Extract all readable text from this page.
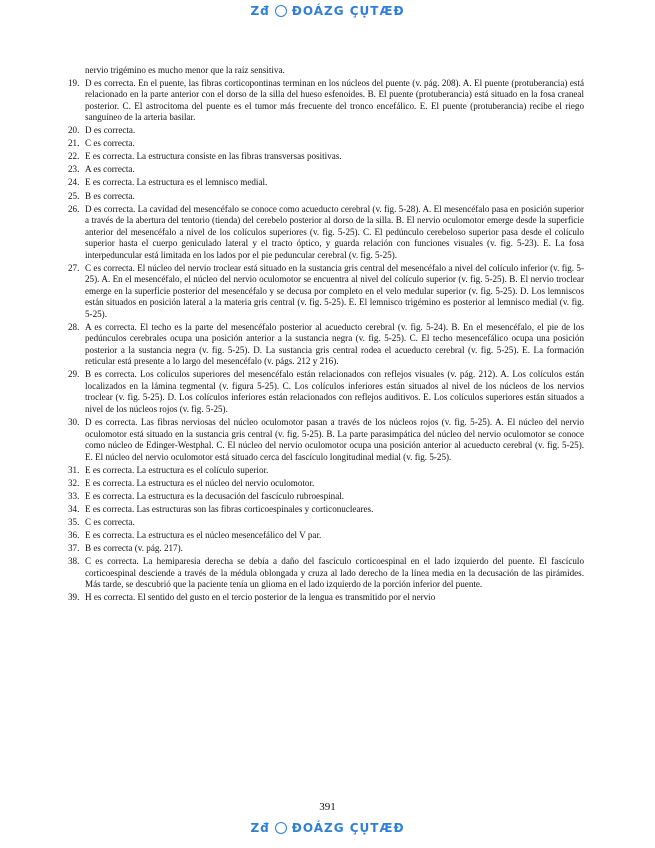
Zđ ÐOÁZG ÇỤTÆĐ
nervio trigémino es mucho menor que la raíz sensitiva.
19. D es correcta. En el puente, las fibras corticopontinas terminan en los núcleos del puente (v. pág. 208). A. El puente (protuberancia) está relacionado en la parte anterior con el dorso de la silla del hueso esfenoides. B. El puente (protuberancia) está situado en la fosa craneal posterior. C. El astrocitoma del puente es el tumor más frecuente del tronco encefálico. E. El puente (protuberancia) recibe el riego sanguíneo de la arteria basilar.
20. D es correcta.
21. C es correcta.
22. E es correcta. La estructura consiste en las fibras transversas positivas.
23. A es correcta.
24. E es correcta. La estructura es el lemnisco medial.
25. B es correcta.
26. D es correcta. La cavidad del mesencéfalo se conoce como acueducto cerebral (v. fig. 5-28). A. El mesencéfalo pasa en posición superior a través de la abertura del tentorio (tienda) del cerebelo posterior al dorso de la silla. B. El nervio oculomotor emerge desde la superficie anterior del mesencéfalo a nivel de los colículos superiores (v. fig. 5-25). C. El pedúnculo cerebeloso superior pasa desde el colículo superior hasta el cuerpo geniculado lateral y el tracto óptico, y guarda relación con funciones visuales (v. fig. 5-23). E. La fosa interpeduncular está limitada en los lados por el pie peduncular cerebral (v. fig. 5-25).
27. C es correcta. El núcleo del nervio troclear está situado en la sustancia gris central del mesencéfalo a nivel del colículo inferior (v. fig. 5-25). A. En el mesencéfalo, el núcleo del nervio oculomotor se encuentra al nivel del colículo superior (v. fig. 5-25). B. El nervio troclear emerge en la superficie posterior del mesencéfalo y se decusa por completo en el velo medular superior (v. fig. 5-25). D. Los lemniscos están situados en posición lateral a la materia gris central (v. fig. 5-25). E. El lemnisco trigémino es posterior al lemnisco medial (v. fig. 5-25).
28. A es correcta. El techo es la parte del mesencéfalo posterior al acueducto cerebral (v. fig. 5-24). B. En el mesencéfalo, el pie de los pedúnculos cerebrales ocupa una posición anterior a la sustancia negra (v. fig. 5-25). C. El techo mesencefálico ocupa una posición posterior a la sustancia negra (v. fig. 5-25). D. La sustancia gris central rodea el acueducto cerebral (v. fig. 5-25). E. La formación reticular está presente a lo largo del mesencéfalo (v. págs. 212 y 216).
29. B es correcta. Los colículos superiores del mesencéfalo están relacionados con reflejos visuales (v. pág. 212). A. Los colículos están localizados en la lámina tegmental (v. figura 5-25). C. Los colículos inferiores están situados al nivel de los núcleos de los nervios troclear (v. fig. 5-25). D. Los colículos inferiores están relacionados con reflejos auditivos. E. Los colículos superiores están situados a nivel de los núcleos rojos (v. fig. 5-25).
30. D es correcta. Las fibras nerviosas del núcleo oculomotor pasan a través de los núcleos rojos (v. fig. 5-25). A. El núcleo del nervio oculomotor está situado en la sustancia gris central (v. fig. 5-25). B. La parte parasimpática del núcleo del nervio oculomotor se conoce como núcleo de Edinger-Westphal. C. El núcleo del nervio oculomotor ocupa una posición anterior al acueducto cerebral (v. fig. 5-25). E. El núcleo del nervio oculomotor está situado cerca del fascículo longitudinal medial (v. fig. 5-25).
31. E es correcta. La estructura es el colículo superior.
32. E es correcta. La estructura es el núcleo del nervio oculomotor.
33. E es correcta. La estructura es la decusación del fascículo rubroespinal.
34. E es correcta. Las estructuras son las fibras corticoespinales y corticonucleares.
35. C es correcta.
36. E es correcta. La estructura es el núcleo mesencefálico del V par.
37. B es correcta (v. pág. 217).
38. C es correcta. La hemiparesia derecha se debía a daño del fascículo corticoespinal en el lado izquierdo del puente. El fascículo corticoespinal desciende a través de la médula oblongada y cruza al lado derecho de la línea media en la decusación de las pirámides. Más tarde, se descubrió que la paciente tenía un glioma en el lado izquierdo de la porción inferior del puente.
39. H es correcta. El sentido del gusto en el tercio posterior de la lengua es transmitido por el nervio
391
Zđ ÐOÁZG ÇỤTÆĐ
